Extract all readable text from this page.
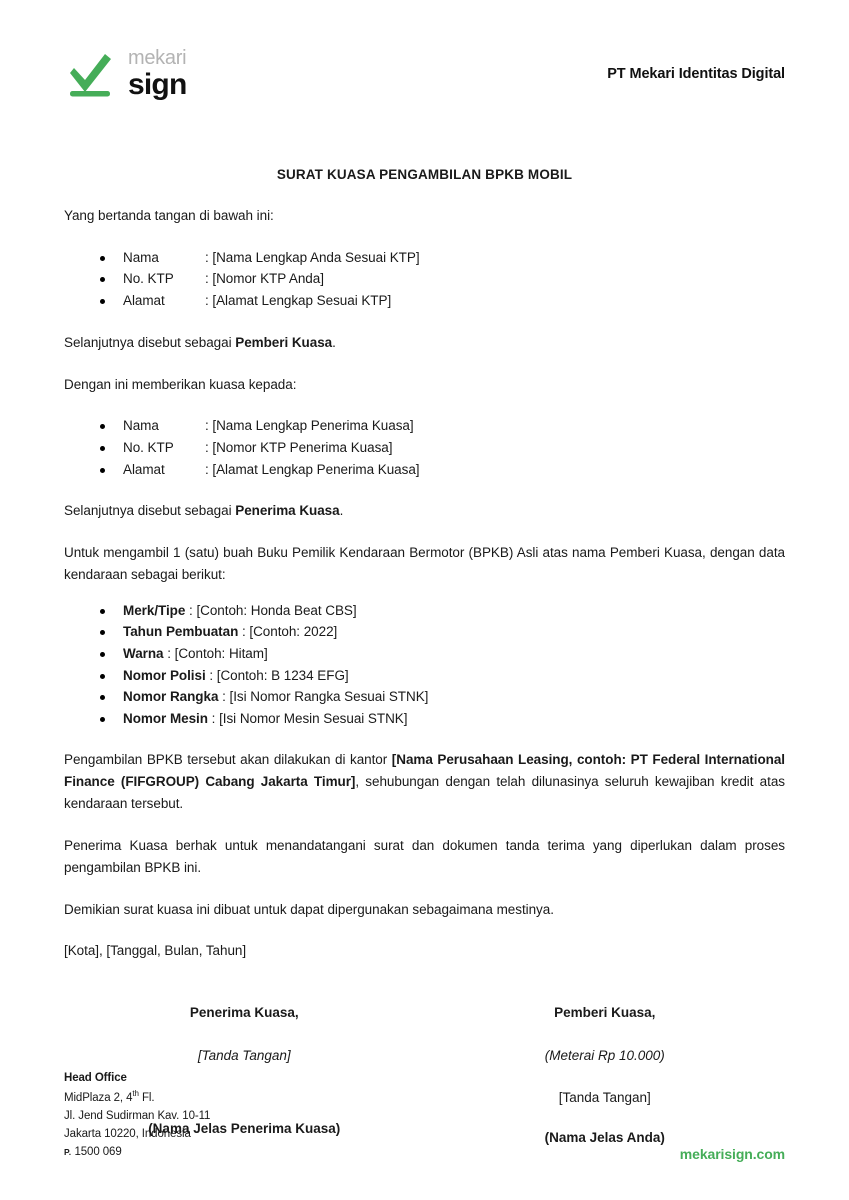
mekari
sign	PT Mekari Identitas Digital
SURAT KUASA PENGAMBILAN BPKB MOBIL

Yang bertanda tangan di bawah ini:

Nama	: [Nama Lengkap Anda Sesuai KTP]
No. KTP : [Nomor KTP Anda]
Alamat	: [Alamat Lengkap Sesuai KTP]

Selanjutnya disebut sebagai Pemberi Kuasa.

Dengan ini memberikan kuasa kepada:

Nama	: [Nama Lengkap Penerima Kuasa]
No. KTP : [Nomor KTP Penerima Kuasa]
Alamat	: [Alamat Lengkap Penerima Kuasa]

Selanjutnya disebut sebagai Penerima Kuasa.

Untuk mengambil 1 (satu) buah Buku Pemilik Kendaraan Bermotor (BPKB) Asli atas nama Pemberi Kuasa, dengan data kendaraan sebagai berikut:

Merk/Tipe : [Contoh: Honda Beat CBS]
Tahun Pembuatan : [Contoh: 2022]
Warna : [Contoh: Hitam]
Nomor Polisi : [Contoh: B 1234 EFG]
Nomor Rangka : [Isi Nomor Rangka Sesuai STNK]
Nomor Mesin : [Isi Nomor Mesin Sesuai STNK]

Pengambilan BPKB tersebut akan dilakukan di kantor [Nama Perusahaan Leasing, contoh: PT Federal International Finance (FIFGROUP) Cabang Jakarta Timur], sehubungan dengan telah dilunasinya seluruh kewajiban kredit atas kendaraan tersebut.

Penerima Kuasa berhak untuk menandatangani surat dan dokumen tanda terima yang diperlukan dalam proses pengambilan BPKB ini.

Demikian surat kuasa ini dibuat untuk dapat dipergunakan sebagaimana mestinya.

[Kota], [Tanggal, Bulan, Tahun]

Penerima Kuasa,
[Tanda Tangan]
(Nama Jelas Penerima Kuasa)
Pemberi Kuasa,
(Meterai Rp 10.000)
[Tanda Tangan]
(Nama Jelas Anda)
Head Office
MidPlaza 2, 4th Fl.
Jl. Jend Sudirman Kav. 10-11
Jakarta 10220, Indonesia
P. 1500 069	mekarisign.com
